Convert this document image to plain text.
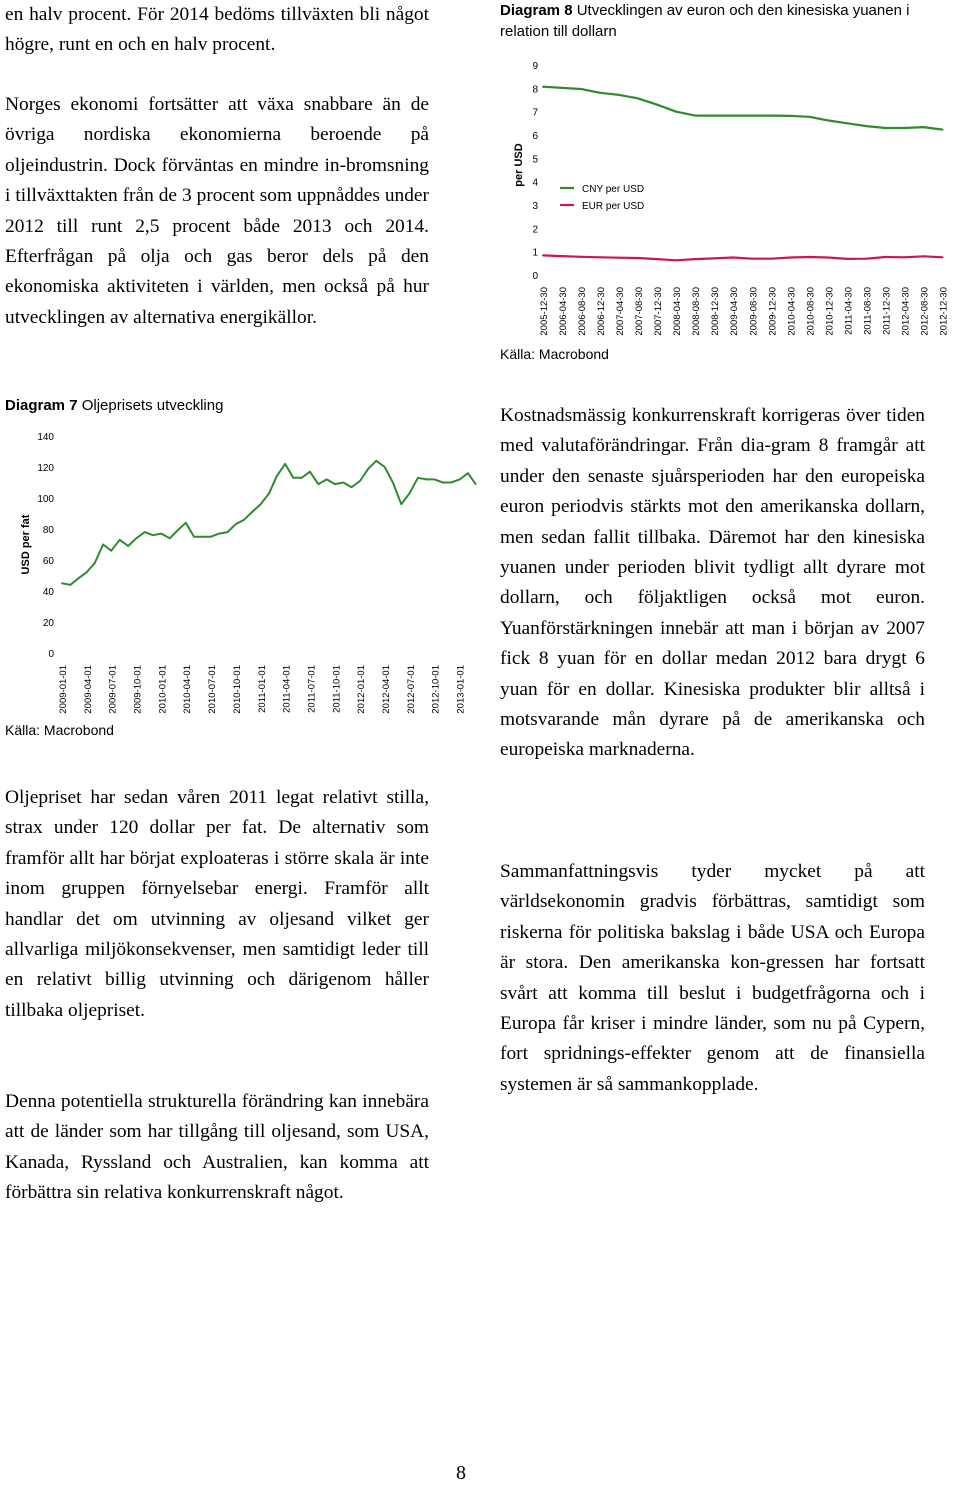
en halv procent. För 2014 bedöms tillväxten bli något högre, runt en och en halv procent.

Norges ekonomi fortsätter att växa snabbare än de övriga nordiska ekonomierna beroende på oljeindustrin. Dock förväntas en mindre in-bromsning i tillväxttakten från de 3 procent som uppnåddes under 2012 till runt 2,5 procent både 2013 och 2014. Efterfrågan på olja och gas beror dels på den ekonomiska aktiviteten i världen, men också på hur utvecklingen av alternativa energikällor.

Diagram 7 Oljeprisets utveckling

0
20
40
60
80
100
120
140
USD per fat
2009-01-01 2009-04-01 2009-07-01 2009-10-01 2010-01-01 2010-04-01 2010-07-01 2010-10-01 2011-01-01 2011-04-01 2011-07-01 2011-10-01 2012-01-01 2012-04-01 2012-07-01 2012-10-01 2013-01-01

Källa: Macrobond

Oljepriset har sedan våren 2011 legat relativt stilla, strax under 120 dollar per fat. De alternativ som framför allt har börjat exploateras i större skala är inte inom gruppen förnyelsebar energi. Framför allt handlar det om utvinning av oljesand vilket ger allvarliga miljökonsekvenser, men samtidigt leder till en relativt billig utvinning och därigenom håller tillbaka oljepriset.

Denna potentiella strukturella förändring kan innebära att de länder som har tillgång till oljesand, som USA, Kanada, Ryssland och Australien, kan komma att förbättra sin relativa konkurrenskraft något.

Diagram 8 Utvecklingen av euron och den kinesiska yuanen i relation till dollarn

0
1
2
3
4
5
6
7
8
9
per USD
2005-12-30 2006-04-30 2006-08-30 2006-12-30 2007-04-30 2007-08-30 2007-12-30 2008-04-30 2008-08-30 2008-12-30 2009-04-30 2009-08-30 2009-12-30 2010-04-30 2010-08-30 2010-12-30 2011-04-30 2011-08-30 2011-12-30 2012-04-30 2012-08-30 2012-12-30
CNY per USD
EUR per USD

Källa: Macrobond

Kostnadsmässig konkurrenskraft korrigeras över tiden med valutaförändringar. Från dia-gram 8 framgår att under den senaste sjuårsperioden har den europeiska euron periodvis stärkts mot den amerikanska dollarn, men sedan fallit tillbaka. Däremot har den kinesiska yuanen under perioden blivit tydligt allt dyrare mot dollarn, och följaktligen också mot euron. Yuanförstärkningen innebär att man i början av 2007 fick 8 yuan för en dollar medan 2012 bara drygt 6 yuan för en dollar. Kinesiska produkter blir alltså i motsvarande mån dyrare på de amerikanska och europeiska marknaderna.

Sammanfattningsvis tyder mycket på att världsekonomin gradvis förbättras, samtidigt som riskerna för politiska bakslag i både USA och Europa är stora. Den amerikanska kon-gressen har fortsatt svårt att komma till beslut i budgetfrågorna och i Europa får kriser i mindre länder, som nu på Cypern, fort spridnings-effekter genom att de finansiella systemen är så sammankopplade.

8
